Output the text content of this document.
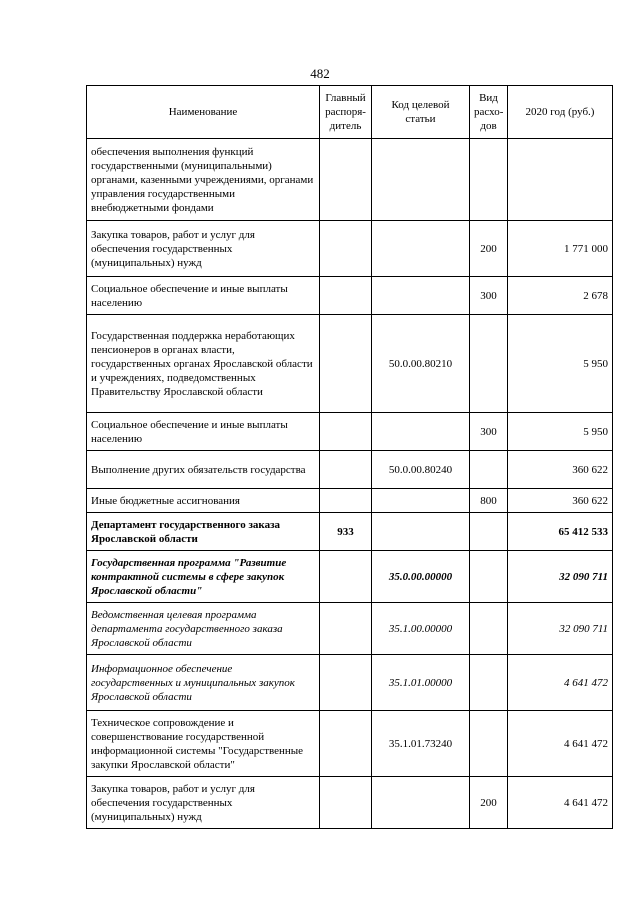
482
Наименование	Главный распоря-дитель	Код целевой статьи	Вид расхо-дов	2020 год (руб.)
обеспечения выполнения функций государственными (муниципальными) органами, казенными учреждениями, органами управления государственными внебюджетными фондами				
Закупка товаров, работ и услуг для обеспечения государственных (муниципальных) нужд			200	1 771 000
Социальное обеспечение и иные выплаты населению			300	2 678
Государственная поддержка неработающих пенсионеров в органах власти, государственных органах Ярославской области и учреждениях, подведомственных Правительству Ярославской области		50.0.00.80210		5 950
Социальное обеспечение и иные выплаты населению			300	5 950
Выполнение других обязательств государства		50.0.00.80240		360 622
Иные бюджетные ассигнования			800	360 622
Департамент государственного заказа Ярославской области	933			65 412 533
Государственная программа "Развитие контрактной системы в сфере закупок Ярославской области"		35.0.00.00000		32 090 711
Ведомственная целевая программа департамента государственного заказа Ярославской области		35.1.00.00000		32 090 711
Информационное обеспечение государственных и муниципальных закупок Ярославской области		35.1.01.00000		4 641 472
Техническое сопровождение и совершенствование государственной информационной системы "Государственные закупки Ярославской области"		35.1.01.73240		4 641 472
Закупка товаров, работ и услуг для обеспечения государственных (муниципальных) нужд			200	4 641 472
